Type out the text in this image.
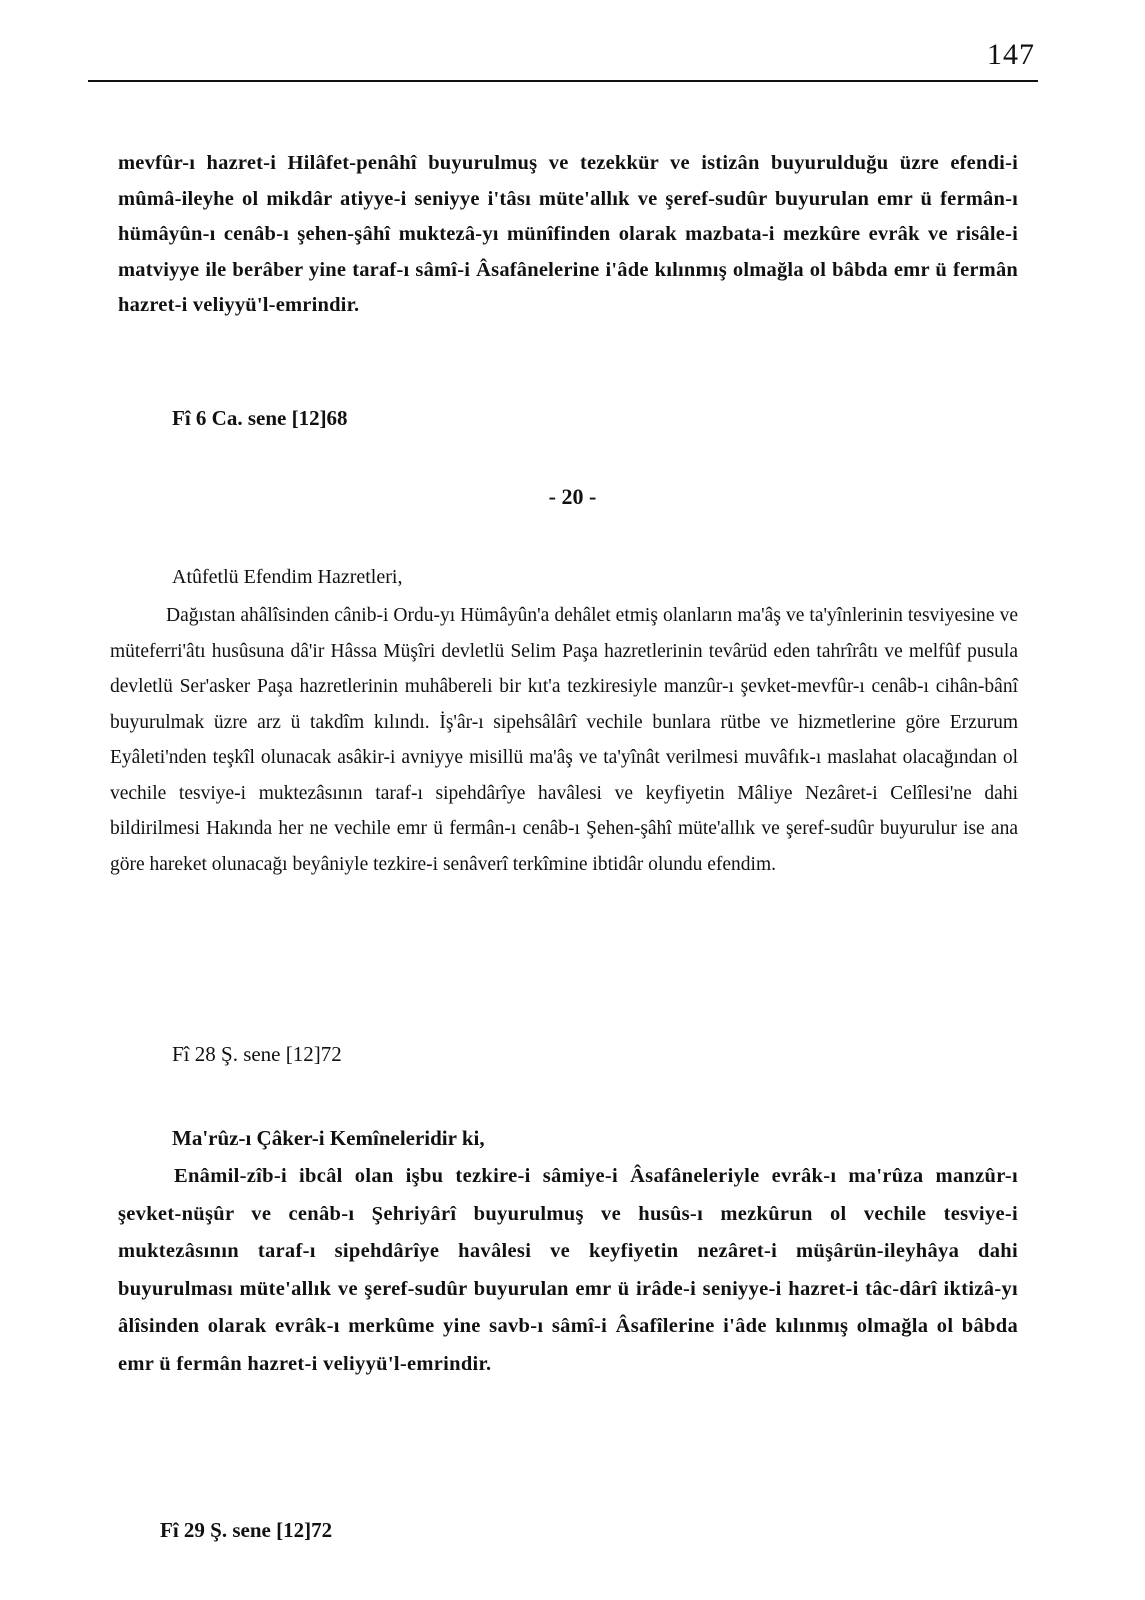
147

mevfûr-ı hazret-i Hilâfet-penâhî buyurulmuş ve tezekkür ve istizân buyurulduğu üzre efendi-i mûmâ-ileyhe ol mikdâr atiyye-i seniyye i'tâsı müte'allık ve şeref-sudûr buyurulan emr ü fermân-ı hümâyûn-ı cenâb-ı şehen-şâhî muktezâ-yı münîfinden olarak mazbata-i mezkûre evrâk ve risâle-i matviyye ile berâber yine taraf-ı sâmî-i Âsafânelerine i'âde kılınmış olmağla ol bâbda emr ü fermân hazret-i veliyyü'l-emrindir.

Fî 6 Ca. sene [12]68
- 20 -
Atûfetlü Efendim Hazretleri,

Dağıstan ahâlîsinden cânib-i Ordu-yı Hümâyûn'a dehâlet etmiş olanların ma'âş ve ta'yînlerinin tesviyesine ve müteferri'âtı husûsuna dâ'ir Hâssa Müşîri devletlü Selim Paşa hazretlerinin tevârüd eden tahrîrâtı ve melfûf pusula devletlü Ser'asker Paşa hazretlerinin muhâbereli bir kıt'a tezkiresiyle manzûr-ı şevket-mevfûr-ı cenâb-ı cihân-bânî buyurulmak üzre arz ü takdîm kılındı. İş'âr-ı sipehsâlârî vechile bunlara rütbe ve hizmetlerine göre Erzurum Eyâleti'nden teşkîl olunacak asâkir-i avniyye misillü ma'âş ve ta'yînât verilmesi muvâfık-ı maslahat olacağından ol vechile tesviye-i muktezâsının taraf-ı sipehdârîye havâlesi ve keyfiyetin Mâliye Nezâret-i Celîlesi'ne dahi bildirilmesi Hakında her ne vechile emr ü fermân-ı cenâb-ı Şehen-şâhî müte'allık ve şeref-sudûr buyurulur ise ana göre hareket olunacağı beyâniyle tezkire-i senâverî terkîmine ibtidâr olundu efendim.

Fî 28 Ş. sene [12]72
Ma'rûz-ı Çâker-i Kemîneleridir ki,

Enâmil-zîb-i ibcâl olan işbu tezkire-i sâmiye-i Âsafâneleriyle evrâk-ı ma'rûza manzûr-ı şevket-nüşûr ve cenâb-ı Şehriyârî buyurulmuş ve husûs-ı mezkûrun ol vechile tesviye-i muktezâsının taraf-ı sipehdârîye havâlesi ve keyfiyetin nezâret-i müşârün-ileyhâya dahi buyurulması müte'allık ve şeref-sudûr buyurulan emr ü irâde-i seniyye-i hazret-i tâc-dârî iktizâ-yı âlîsinden olarak evrâk-ı merkûme yine savb-ı sâmî-i Âsafîlerine i'âde kılınmış olmağla ol bâbda emr ü fermân hazret-i veliyyü'l-emrindir.

Fî 29 Ş. sene [12]72
